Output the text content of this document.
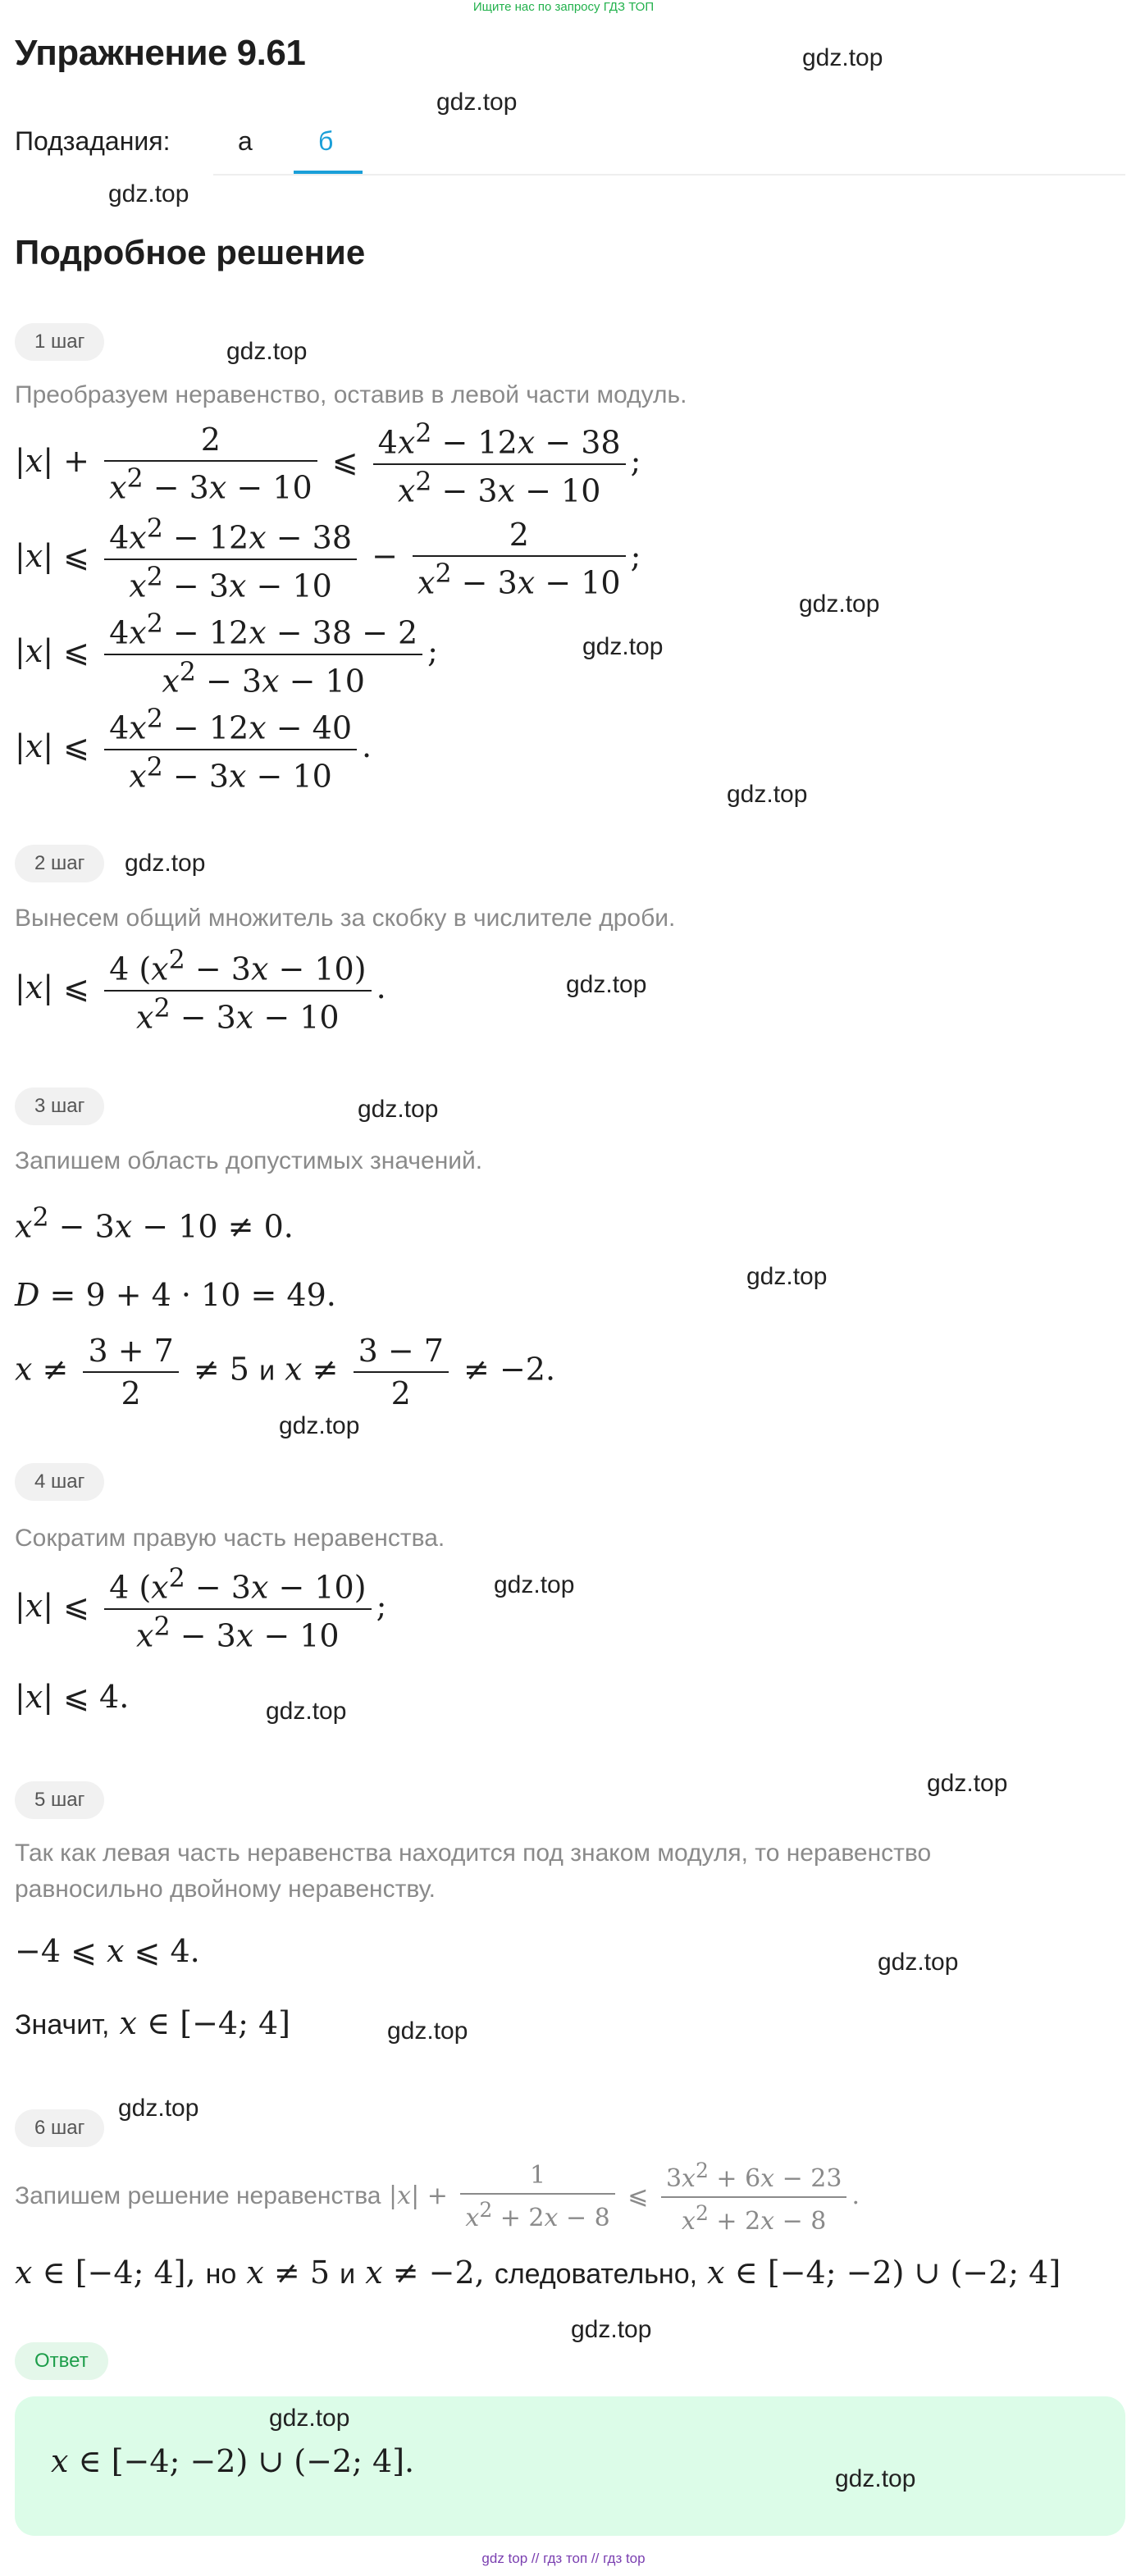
Ищите нас по запросу ГДЗ ТОП
Упражнение 9.61
Подзадания:	а	б
Подробное решение
gdz.top
gdz.top
gdz.top
gdz.top
gdz.top
gdz.top
gdz.top
gdz.top
gdz.top
gdz.top
gdz.top
gdz.top
gdz.top
gdz.top
gdz.top
gdz.top
gdz.top
gdz.top
gdz.top
1 шаг
Преобразуем неравенство, оставив в левой части модуль.
$|x| + \frac{2}{x^2 - 3x - 10}$ ⩽ $\frac{4x^2 - 12x - 38}{x^2 - 3x - 10}$ ;
|x| ⩽ $\frac{4x^2 - 12x - 38}{x^2 - 3x - 10} - \frac{2}{x^2 - 3x - 10}$ ;
|x| ⩽ $\frac{4x^2 - 12x - 38 - 2}{x^2 - 3x - 10}$ ;
|x| ⩽ $\frac{4x^2 - 12x - 40}{x^2 - 3x - 10}$ .
2 шаг
Вынесем общий множитель за скобку в числителе дроби.
|x| ⩽ $\frac{4 (x^2 - 3x - 10)}{x^2 - 3x - 10}$ .
3 шаг
Запишем область допустимых значений.
$x^2 - 3x - 10 \ne 0$.
D = 9 + 4 · 10 = 49.
$x \ne \frac{3 + 7}{2} \ne 5$ и $x \ne \frac{3 - 7}{2} \ne -2$.
4 шаг
Сократим правую часть неравенства.
|x| ⩽ $\frac{4 (x^2 - 3x - 10)}{x^2 - 3x - 10}$ ;
|x| ⩽ 4.
5 шаг
Так как левая часть неравенства находится под знаком модуля, то неравенство равносильно двойному неравенству.
−4 ⩽ x ⩽ 4.
Значит, x ∈ [−4; 4]
6 шаг
Запишем решение неравенства $|x| + \frac{1}{x^2 + 2x - 8}$ ⩽ $\frac{3x^2 + 6x - 23}{x^2 + 2x - 8}$ .
x ∈ [−4; 4], но x ≠ 5 и x ≠ −2, следовательно, x ∈ [−4; −2) ∪ (−2; 4]
Ответ
x ∈ [−4; −2) ∪ (−2; 4].
gdz.top
gdz.top
gdz top // гдз топ // гдз top
